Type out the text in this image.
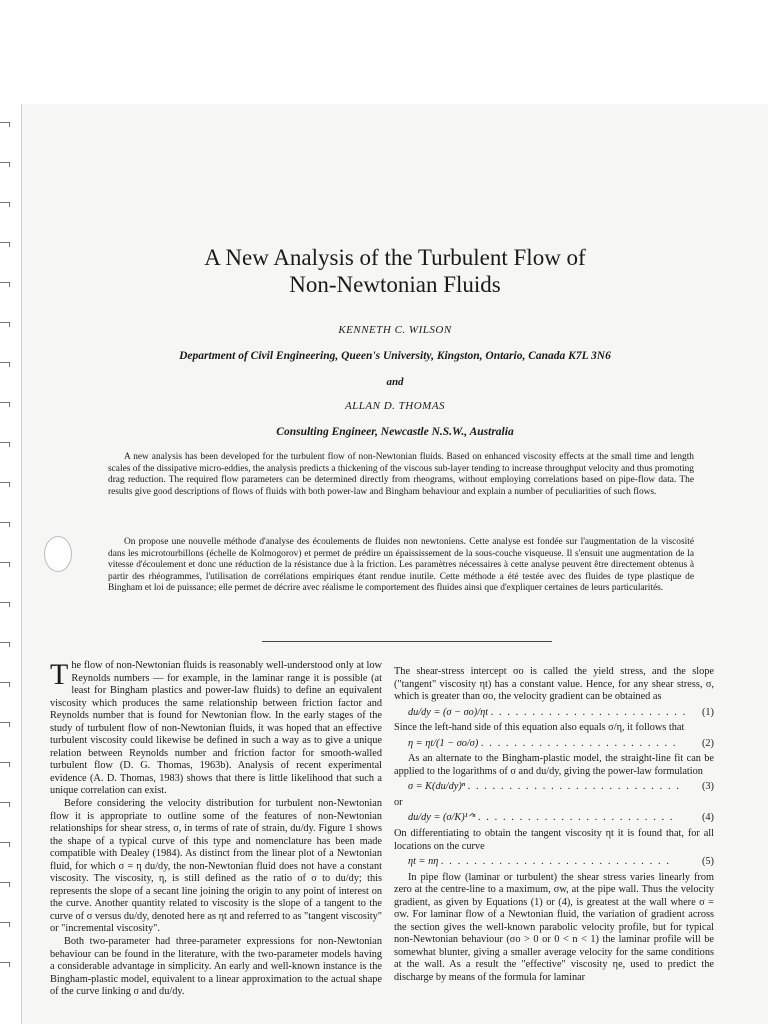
A New Analysis of the Turbulent Flow of
Non-Newtonian Fluids
KENNETH C. WILSON
Department of Civil Engineering, Queen's University, Kingston, Ontario, Canada K7L 3N6
and
ALLAN D. THOMAS
Consulting Engineer, Newcastle N.S.W., Australia

A new analysis has been developed for the turbulent flow of non-Newtonian fluids. Based on enhanced viscosity effects at the small time and length scales of the dissipative micro-eddies, the analysis predicts a thickening of the viscous sub-layer tending to increase throughput velocity and thus promoting drag reduction. The required flow parameters can be determined directly from rheograms, without employing correlations based on pipe-flow data. The results give good descriptions of flows of fluids with both power-law and Bingham behaviour and explain a number of peculiarities of such flows.

On propose une nouvelle méthode d'analyse des écoulements de fluides non newtoniens. Cette analyse est fondée sur l'augmentation de la viscosité dans les microtourbillons (échelle de Kolmogorov) et permet de prédire un épaississement de la sous-couche visqueuse. Il s'ensuit une augmentation de la vitesse d'écoulement et donc une réduction de la résistance due à la friction. Les paramètres nécessaires à cette analyse peuvent être directement obtenus à partir des rhéogrammes, l'utilisation de corrélations empiriques étant rendue inutile. Cette méthode a été testée avec des fluides de type plastique de Bingham et loi de puissance; elle permet de décrire avec réalisme le comportement des fluides ainsi que d'expliquer certaines de leurs particularités.

The flow of non-Newtonian fluids is reasonably well-understood only at low Reynolds numbers — for example, in the laminar range it is possible (at least for Bingham plastics and power-law fluids) to define an equivalent viscosity which produces the same relationship between friction factor and Reynolds number that is found for Newtonian flow. In the early stages of the study of turbulent flow of non-Newtonian fluids, it was hoped that an effective turbulent viscosity could likewise be defined in such a way as to give a unique relation between Reynolds number and friction factor for smooth-walled turbulent flow (D. G. Thomas, 1963b). Analysis of recent experimental evidence (A. D. Thomas, 1983) shows that there is little likelihood that such a unique correlation can exist.

Before considering the velocity distribution for turbulent non-Newtonian flow it is appropriate to outline some of the features of non-Newtonian relationships for shear stress, σ, in terms of rate of strain, du/dy. Figure 1 shows the shape of a typical curve of this type and nomenclature has been made compatible with Dealey (1984). As distinct from the linear plot of a Newtonian fluid, for which σ = η du/dy, the non-Newtonian fluid does not have a constant viscosity. The viscosity, η, is still defined as the ratio of σ to du/dy; this represents the slope of a secant line joining the origin to any point of interest on the curve. Another quantity related to viscosity is the slope of a tangent to the curve of σ versus du/dy, denoted here as ηt and referred to as "tangent viscosity" or "incremental viscosity".

Both two-parameter had three-parameter expressions for non-Newtonian behaviour can be found in the literature, with the two-parameter models having a considerable advantage in simplicity. An early and well-known instance is the Bingham-plastic model, equivalent to a linear approximation to the actual shape of the curve linking σ and du/dy.

The shear-stress intercept σo is called the yield stress, and the slope ("tangent" viscosity ηt) has a constant value. Hence, for any shear stress, σ, which is greater than σo, the velocity gradient can be obtained as

(1)
du/dy = (σ − σo)/ηt . . . . . . . . . . . . . . . . . . . . . . . .

Since the left-hand side of this equation also equals σ/η, it follows that

(2)
η = ηt/(1 − σo/σ) . . . . . . . . . . . . . . . . . . . . . . . .

As an alternate to the Bingham-plastic model, the straight-line fit can be applied to the logarithms of σ and du/dy, giving the power-law formulation

(3)
σ = K(du/dy)ⁿ . . . . . . . . . . . . . . . . . . . . . . . . . .

or

(4)
du/dy = (σ/K)¹ᐟⁿ . . . . . . . . . . . . . . . . . . . . . . . .

On differentiating to obtain the tangent viscosity ηt it is found that, for all locations on the curve

(5)
ηt = nη . . . . . . . . . . . . . . . . . . . . . . . . . . . .

In pipe flow (laminar or turbulent) the shear stress varies linearly from zero at the centre-line to a maximum, σw, at the pipe wall. Thus the velocity gradient, as given by Equations (1) or (4), is greatest at the wall where σ = σw. For laminar flow of a Newtonian fluid, the variation of gradient across the section gives the well-known parabolic velocity profile, but for typical non-Newtonian behaviour (σo > 0 or 0 < n < 1) the laminar profile will be somewhat blunter, giving a smaller average velocity for the same conditions at the wall. As a result the "effective" viscosity ηe, used to predict the discharge by means of the formula for laminar
